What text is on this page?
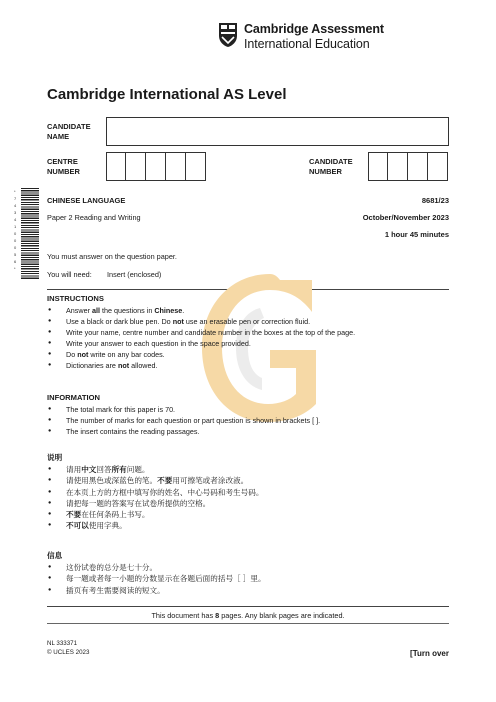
Cambridge Assessment
International Education
Cambridge International AS Level
CANDIDATE
NAME
CENTRE
NUMBER
CANDIDATE
NUMBER
*
7
4
3
4
1
0
0
0
5
6
*
CHINESE LANGUAGE	8681/23
Paper 2 Reading and Writing	October/November 2023
1 hour 45 minutes
You must answer on the question paper.
You will need: Insert (enclosed)
INSTRUCTIONS
● Answer all the questions in Chinese.
● Use a black or dark blue pen. Do not use an erasable pen or correction fluid.
● Write your name, centre number and candidate number in the boxes at the top of the page.
● Write your answer to each question in the space provided.
● Do not write on any bar codes.
● Dictionaries are not allowed.
INFORMATION
● The total mark for this paper is 70.
● The number of marks for each question or part question is shown in brackets [ ].
● The insert contains the reading passages.
说明
● 请用中文回答所有问题。
● 请使用黑色或深蓝色的笔。不要用可擦笔或者涂改液。
● 在本页上方的方框中填写你的姓名、中心号码和考生号码。
● 请把每一题的答案写在试卷所提供的空格。
● 不要在任何条码上书写。
● 不可以使用字典。
信息
● 这份试卷的总分是七十分。
● 每一题或者每一小题的分数显示在各题后面的括号［ ］里。
● 插页有考生需要阅读的短文。
This document has 8 pages. Any blank pages are indicated.
NL 333371
© UCLES 2023	[Turn over
